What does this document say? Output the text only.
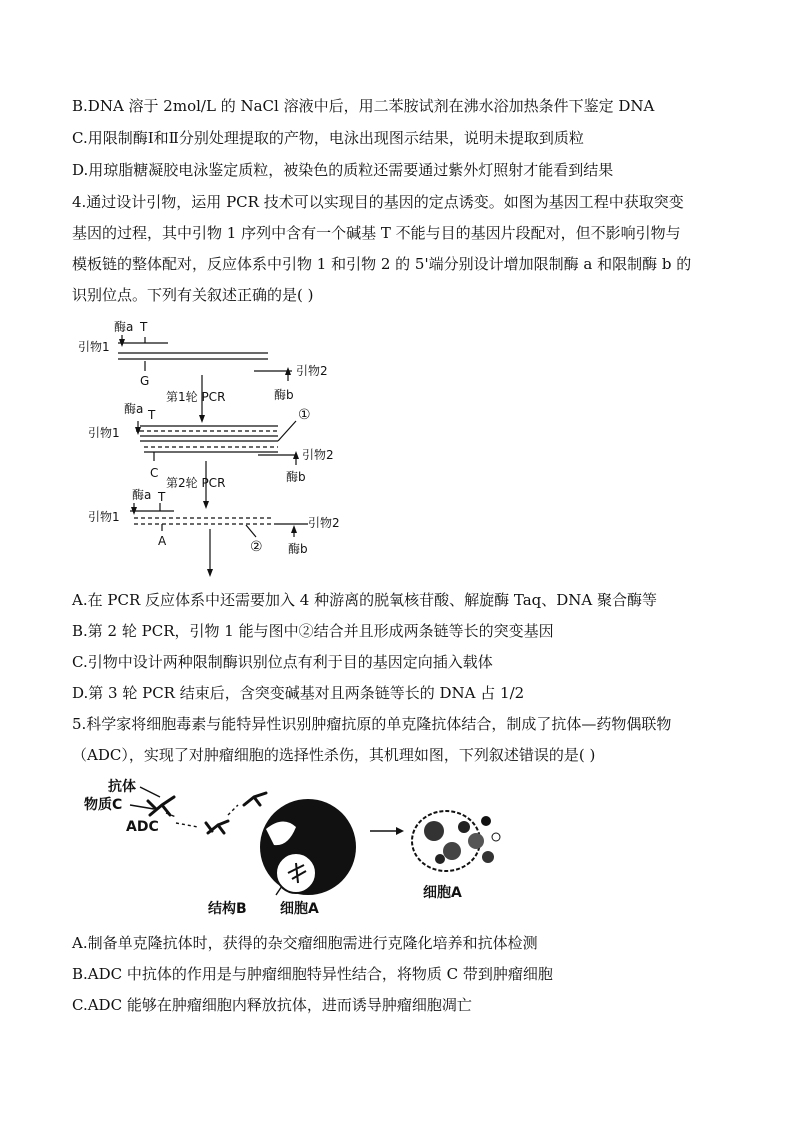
B.DNA 溶于 2mol/L 的 NaCl 溶液中后，用二苯胺试剂在沸水浴加热条件下鉴定 DNA
C.用限制酶Ⅰ和Ⅱ分别处理提取的产物，电泳出现图示结果，说明未提取到质粒
D.用琼脂糖凝胶电泳鉴定质粒，被染色的质粒还需要通过紫外灯照射才能看到结果
4.通过设计引物，运用 PCR 技术可以实现目的基因的定点诱变。如图为基因工程中获取突变
基因的过程，其中引物 1 序列中含有一个碱基 T 不能与目的基因片段配对，但不影响引物与
模板链的整体配对，反应体系中引物 1 和引物 2 的 5'端分别设计增加限制酶 a 和限制酶 b 的
识别位点。下列有关叙述正确的是( )
酶a T
引物1
G
引物2
酶b
第1轮 PCR
酶a T
引物1
①
C
引物2
酶b
第2轮 PCR
酶a T
引物1
A	②
引物2
酶b
A.在 PCR 反应体系中还需要加入 4 种游离的脱氧核苷酸、解旋酶 Taq、DNA 聚合酶等
B.第 2 轮 PCR，引物 1 能与图中②结合并且形成两条链等长的突变基因
C.引物中设计两种限制酶识别位点有利于目的基因定向插入载体
D.第 3 轮 PCR 结束后，含突变碱基对且两条链等长的 DNA 占 1/2
5.科学家将细胞毒素与能特异性识别肿瘤抗原的单克隆抗体结合，制成了抗体—药物偶联物
（ADC），实现了对肿瘤细胞的选择性杀伤，其机理如图，下列叙述错误的是( )
抗体
物质C
ADC
结构B 细胞A
细胞A
A.制备单克隆抗体时，获得的杂交瘤细胞需进行克隆化培养和抗体检测
B.ADC 中抗体的作用是与肿瘤细胞特异性结合，将物质 C 带到肿瘤细胞
C.ADC 能够在肿瘤细胞内释放抗体，进而诱导肿瘤细胞凋亡
